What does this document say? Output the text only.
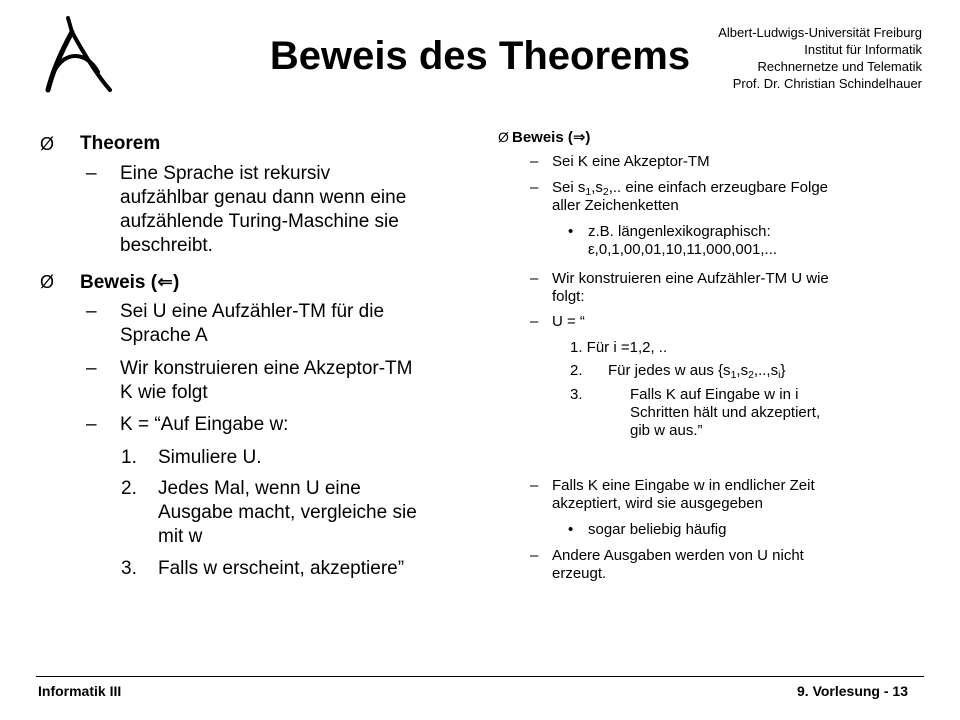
Beweis des Theorems
Albert-Ludwigs-Universität Freiburg
Institut für Informatik
Rechnernetze und Telematik
Prof. Dr. Christian Schindelhauer
Ø Theorem
– Eine Sprache ist rekursiv
aufzählbar genau dann wenn eine
aufzählende Turing-Maschine sie
beschreibt.
Ø Beweis (⇐)
– Sei U eine Aufzähler-TM für die
Sprache A
– Wir konstruieren eine Akzeptor-TM
K wie folgt
– K = “Auf Eingabe w:
1. Simuliere U.
2. Jedes Mal, wenn U eine
Ausgabe macht, vergleiche sie
mit w
3. Falls w erscheint, akzeptiere”
Ø Beweis (⇒)
– Sei K eine Akzeptor-TM
– Sei $s_1,s_2$,.. eine einfach erzeugbare Folge
aller Zeichenketten
• z.B. längenlexikographisch:
ε,0,1,00,01,10,11,000,001,...
– Wir konstruieren eine Aufzähler-TM U wie
folgt:
– U = “
1. Für i =1,2, ..
2. Für jedes w aus $\{s_1,s_2,..,s_i\}$
3.	Falls K auf Eingabe w in i
Schritten hält und akzeptiert,
gib w aus.”
– Falls K eine Eingabe w in endlicher Zeit
akzeptiert, wird sie ausgegeben
• sogar beliebig häufig
– Andere Ausgaben werden von U nicht
erzeugt.
Informatik III	9. Vorlesung - 13
